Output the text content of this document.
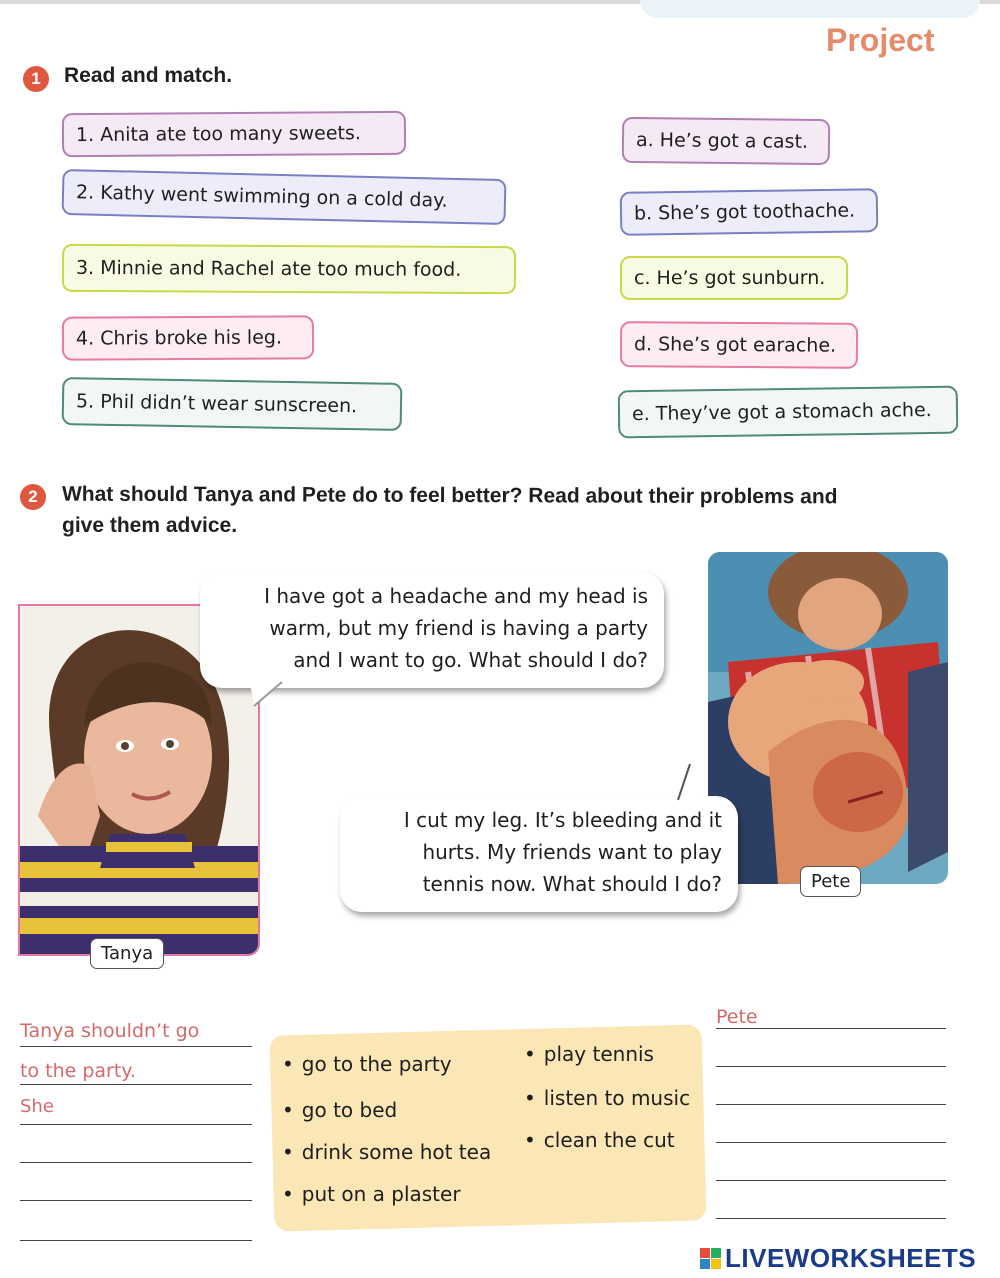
Project
1	Read and match.
1. Anita ate too many sweets.
2. Kathy went swimming on a cold day.
3. Minnie and Rachel ate too much food.
4. Chris broke his leg.
5. Phil didn’t wear sunscreen.
a. He’s got a cast.
b. She’s got toothache.
c. He’s got sunburn.
d. She’s got earache.
e. They’ve got a stomach ache.
2	What should Tanya and Pete do to feel better? Read about their problems and
give them advice.
Tanya
I have got a headache and my head is
warm, but my friend is having a party
and I want to go. What should I do?
Pete
I cut my leg. It’s bleeding and it
hurts. My friends want to play
tennis now. What should I do?
Tanya shouldn’t go
to the party.
She
• go to the party
• go to bed
• drink some hot tea
• put on a plaster
• play tennis
• listen to music
• clean the cut
Pete
LIVEWORKSHEETS
